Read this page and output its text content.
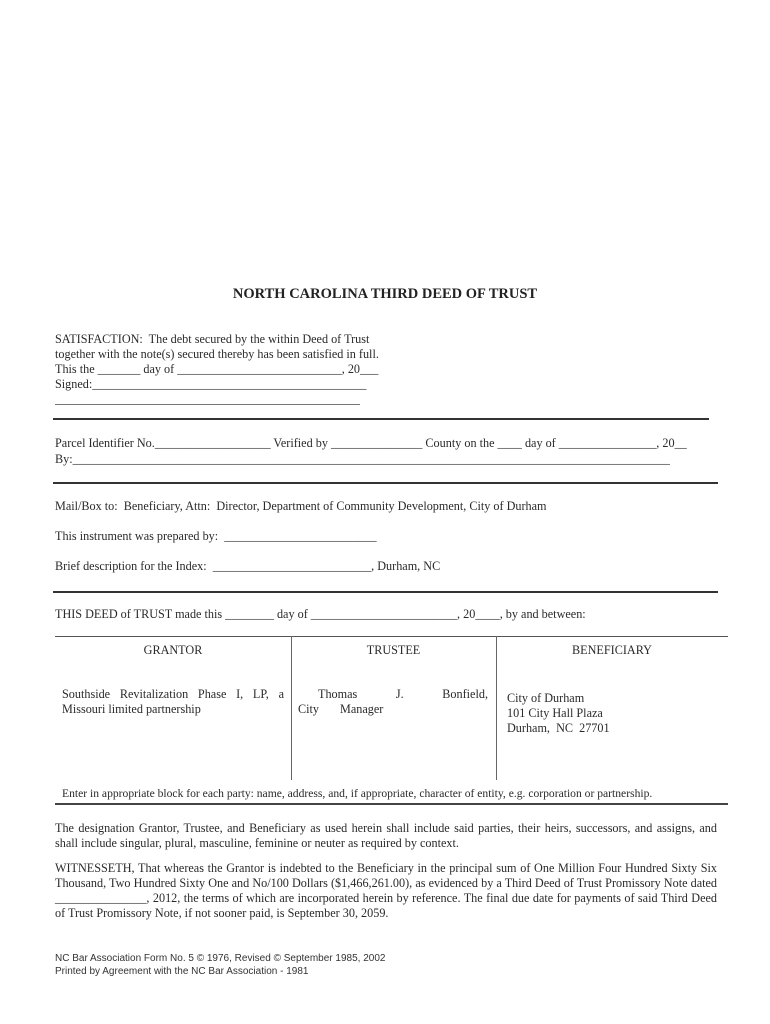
NORTH CAROLINA THIRD DEED OF TRUST
SATISFACTION:  The debt secured by the within Deed of Trust
together with the note(s) secured thereby has been satisfied in full.
This the _______ day of ___________________________, 20___
Signed:_____________________________________________
Parcel Identifier No.___________________ Verified by _______________ County on the ____ day of ________________, 20__
By:__________________________________________________________________________________________________
Mail/Box to:  Beneficiary, Attn:  Director, Department of Community Development, City of Durham
This instrument was prepared by:  _________________________
Brief description for the Index:  __________________________, Durham, NC
THIS DEED of TRUST made this ________ day of ________________________, 20____, by and between:
GRANTOR	TRUSTEE	BENEFICIARY
Southside Revitalization Phase I, LP, a Missouri limited partnership
Thomas J. Bonfield, City Manager
City of Durham
101 City Hall Plaza
Durham,  NC  27701
Enter in appropriate block for each party: name, address, and, if appropriate, character of entity, e.g. corporation or partnership.
The designation Grantor, Trustee, and Beneficiary as used herein shall include said parties, their heirs, successors, and assigns, and shall include singular, plural, masculine, feminine or neuter as required by context.
WITNESSETH, That whereas the Grantor is indebted to the Beneficiary in the principal sum of One Million Four Hundred Sixty Six Thousand, Two Hundred Sixty One and No/100 Dollars ($1,466,261.00), as evidenced by a Third Deed of Trust Promissory Note dated _______________, 2012, the terms of which are incorporated herein by reference. The final due date for payments of said Third Deed of Trust Promissory Note, if not sooner paid, is September 30, 2059.
NC Bar Association Form No. 5 © 1976, Revised © September 1985, 2002
Printed by Agreement with the NC Bar Association - 1981
